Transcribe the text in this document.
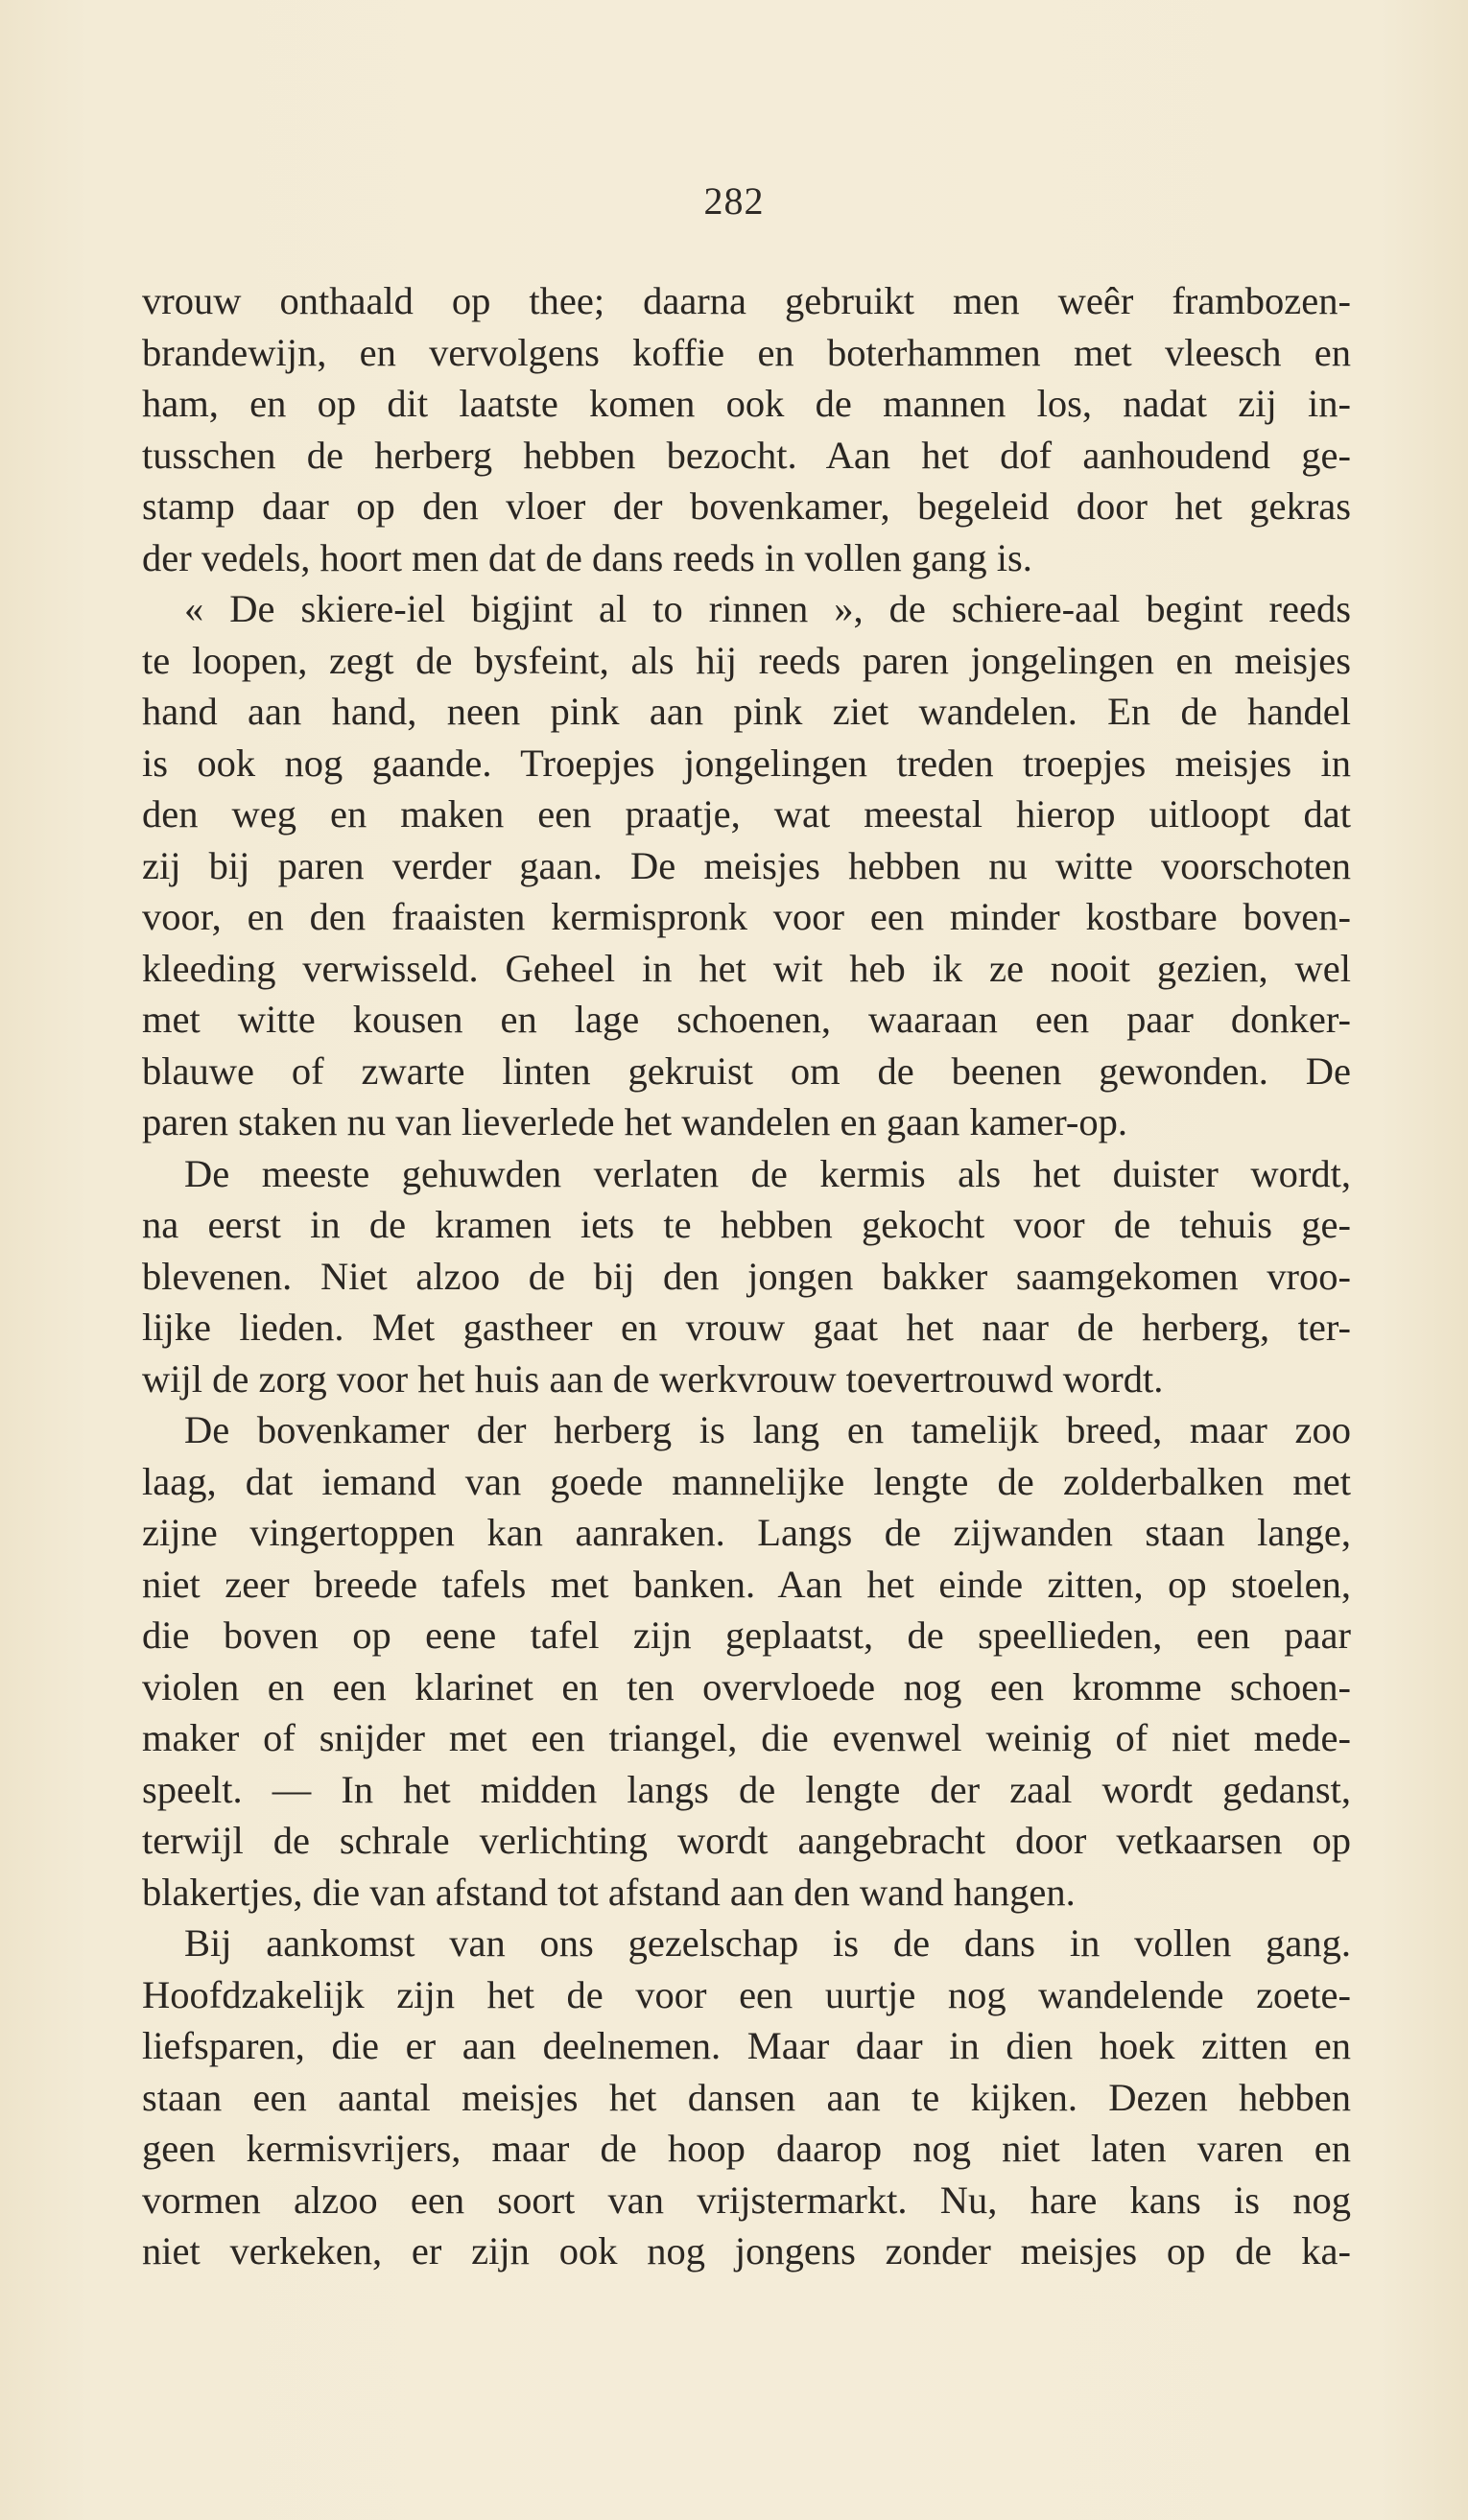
282
vrouw onthaald op thee; daarna gebruikt men weêr frambozen-
brandewijn, en vervolgens koffie en boterhammen met vleesch en
ham, en op dit laatste komen ook de mannen los, nadat zij in-
tusschen de herberg hebben bezocht. Aan het dof aanhoudend ge-
stamp daar op den vloer der bovenkamer, begeleid door het gekras
der vedels, hoort men dat de dans reeds in vollen gang is.
« De skiere-iel bigjint al to rinnen », de schiere-aal begint reeds
te loopen, zegt de bysfeint, als hij reeds paren jongelingen en meisjes
hand aan hand, neen pink aan pink ziet wandelen. En de handel
is ook nog gaande. Troepjes jongelingen treden troepjes meisjes in
den weg en maken een praatje, wat meestal hierop uitloopt dat
zij bij paren verder gaan. De meisjes hebben nu witte voorschoten
voor, en den fraaisten kermispronk voor een minder kostbare boven-
kleeding verwisseld. Geheel in het wit heb ik ze nooit gezien, wel
met witte kousen en lage schoenen, waaraan een paar donker-
blauwe of zwarte linten gekruist om de beenen gewonden. De
paren staken nu van lieverlede het wandelen en gaan kamer-op.
De meeste gehuwden verlaten de kermis als het duister wordt,
na eerst in de kramen iets te hebben gekocht voor de tehuis ge-
blevenen. Niet alzoo de bij den jongen bakker saamgekomen vroo-
lijke lieden. Met gastheer en vrouw gaat het naar de herberg, ter-
wijl de zorg voor het huis aan de werkvrouw toevertrouwd wordt.
De bovenkamer der herberg is lang en tamelijk breed, maar zoo
laag, dat iemand van goede mannelijke lengte de zolderbalken met
zijne vingertoppen kan aanraken. Langs de zijwanden staan lange,
niet zeer breede tafels met banken. Aan het einde zitten, op stoelen,
die boven op eene tafel zijn geplaatst, de speellieden, een paar
violen en een klarinet en ten overvloede nog een kromme schoen-
maker of snijder met een triangel, die evenwel weinig of niet mede-
speelt. — In het midden langs de lengte der zaal wordt gedanst,
terwijl de schrale verlichting wordt aangebracht door vetkaarsen op
blakertjes, die van afstand tot afstand aan den wand hangen.
Bij aankomst van ons gezelschap is de dans in vollen gang.
Hoofdzakelijk zijn het de voor een uurtje nog wandelende zoete-
liefsparen, die er aan deelnemen. Maar daar in dien hoek zitten en
staan een aantal meisjes het dansen aan te kijken. Dezen hebben
geen kermisvrijers, maar de hoop daarop nog niet laten varen en
vormen alzoo een soort van vrijstermarkt. Nu, hare kans is nog
niet verkeken, er zijn ook nog jongens zonder meisjes op de ka-
